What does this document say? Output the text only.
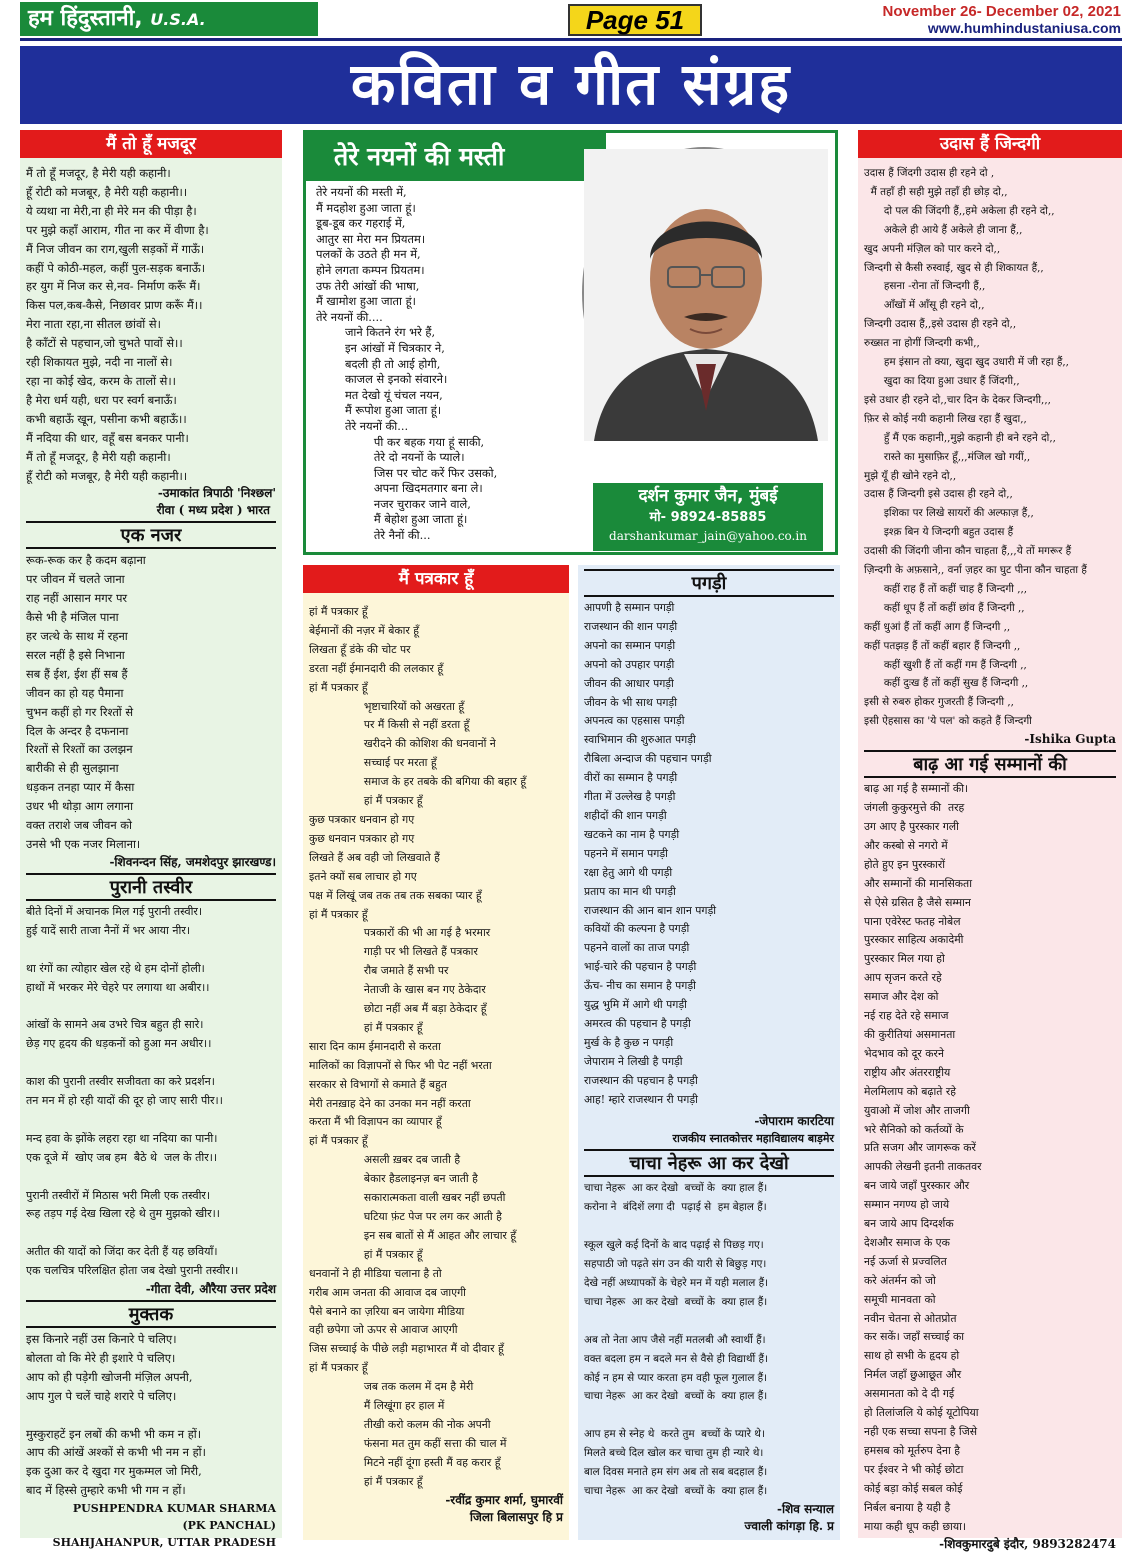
हम हिंदुस्तानी, U.S.A.	Page 51	November 26- December 02, 2021
www.humhindustaniusa.com
कविता व गीत संग्रह
मैं तो हूँ मजदूर
मैं तो हूँ मजदूर, है मेरी यही कहानी।
हूँ रोटी को मजबूर, है मेरी यही कहानी।।
ये व्यथा ना मेरी,ना ही मेरे मन की पीड़ा है।
पर मुझे कहाँ आराम, गीत ना कर में वीणा है।
मैं निज जीवन का राग,खुली सड़कों में गाऊँ।
कहीं पे कोठी-महल, कहीं पुल-सड़क बनाऊँ।
हर युग में निज कर से,नव- निर्माण करूँ मैं।
किस पल,कब-कैसे, निछावर प्राण करूँ मैं।।
मेरा नाता रहा,ना सीतल छांवों से।
है काँटों से पहचान,जो चुभते पावों से।।
रही शिकायत मुझे, नदी ना नालों से।
रहा ना कोई खेद, करम के तालों से।।
है मेरा धर्म यही, धरा पर स्वर्ग बनाऊँ।
कभी बहाऊँ खून, पसीना कभी बहाऊँ।।
मैं नदिया की धार, वहूँ बस बनकर पानी।
मैं तो हूँ मजदूर, है मेरी यही कहानी।
हूँ रोटी को मजबूर, है मेरी यही कहानी।।
-उमाकांत त्रिपाठी 'निश्छल'
रीवा ( मध्य प्रदेश ) भारत
एक नजर
रूक-रूक कर है कदम बढ़ाना
पर जीवन में चलते जाना
राह नहीं आसान मगर पर
कैसे भी है मंजिल पाना
हर जत्थे के साथ में रहना
सरल नहीं है इसे निभाना
सब हैं ईश, ईश हीं सब हैं
जीवन का हो यह पैमाना
चुभन कहीं हो गर रिश्तों से
दिल के अन्दर है दफनाना
रिश्तों से रिश्तों का उलझन
बारीकी से ही सुलझाना
धड़कन तनहा प्यार में कैसा
उधर भी थोड़ा आग लगाना
वक्त तराशे जब जीवन को
उनसे भी एक नजर मिलाना।
-शिवनन्दन सिंह, जमशेदपुर झारखण्ड।
पुरानी तस्वीर
बीते दिनों में अचानक मिल गई पुरानी तस्वीर।
हुई यादें सारी ताजा नैनों में भर आया नीर।

था रंगों का त्योहार खेल रहे थे हम दोनों होली।
हाथों में भरकर मेरे चेहरे पर लगाया था अबीर।।

आंखों के सामने अब उभरे चित्र बहुत ही सारे।
छेड़ गए हृदय की धड़कनों को हुआ मन अधीर।।

काश की पुरानी तस्वीर सजीवता का करे प्रदर्शन।
तन मन में हो रही यादों की दूर हो जाए सारी पीर।।

मन्द हवा के झोंके लहरा रहा था नदिया का पानी।
एक दूजे में  खोए जब हम  बैठे थे  जल के तीर।।

पुरानी तस्वीरों में मिठास भरी मिली एक तस्वीर।
रूह तड़प गई देख खिला रहे थे तुम मुझको खीर।।

अतीत की यादों को जिंदा कर देती हैं यह छवियाँ।
एक चलचित्र परिलक्षित होता जब देखो पुरानी तस्वीर।।
-गीता देवी, औरैया उत्तर प्रदेश
मुक्तक
इस किनारे नहीं उस किनारे पे चलिए।
बोलता वो कि मेरे ही इशारे पे चलिए।
आप को ही पड़ेगी खोजनी मंज़िल अपनी,
आप गुल पे चलें चाहे शरारे पे चलिए।

मुस्कुराहटें इन लबों की कभी भी कम न हों।
आप की आंखें अश्कों से कभी भी नम न हों।
इक दुआ कर दे खुदा गर मुकम्मल जो मिरी,
बाद में हिस्से तुम्हारे कभी भी गम न हों।
PUSHPENDRA KUMAR SHARMA
(PK PANCHAL)
SHAHJAHANPUR, UTTAR PRADESH
तेरे नयनों की मस्ती
तेरे नयनों की मस्ती में,
मैं मदहोश हुआ जाता हूं।
डूब-डूब कर गहराई में,
आतुर सा मेरा मन प्रियतम।
पलकों के उठते ही मन में,
होने लगता कम्पन प्रियतम।
उफ तेरी आंखों की भाषा,
मैं खामोश हुआ जाता हूं।
तेरे नयनों की....
जाने कितने रंग भरे हैं,
इन आंखों में चित्रकार ने,
बदली ही तो आई होगी,
काजल से इनको संवारने।
मत देखो यूं चंचल नयन,
मैं रूपोश हुआ जाता हूं।
तेरे नयनों की...
पी कर बहक गया हूं साकी,
तेरे दो नयनों के प्याले।
जिस पर चोट करें फिर उसको,
अपना खिदमतगार बना ले।
नजर चुराकर जाने वाले,
मैं बेहोश हुआ जाता हूं।
तेरे नैनों की...
दर्शन कुमार जैन, मुंबई
मो- 98924-85885
darshankumar_jain@yahoo.co.in
मैं पत्रकार हूँ
हां मैं पत्रकार हूँ
बेईमानों की नज़र में बेकार हूँ
लिखता हूँ डंके की चोट पर
डरता नहीं ईमानदारी की ललकार हूँ
हां मैं पत्रकार हूँ
भृष्टाचारियों को अखरता हूँ
पर मैं किसी से नहीं डरता हूँ
खरीदने की कोशिश की धनवानों ने
सच्चाई पर मरता हूँ
समाज के हर तबके की बगिया की बहार हूँ
हां मैं पत्रकार हूँ
कुछ पत्रकार धनवान हो गए
कुछ धनवान पत्रकार हो गए
लिखते हैं अब वही जो लिखवाते हैं
इतने क्यों सब लाचार हो गए
पक्ष में लिखूं जब तक तब तक सबका प्यार हूँ
हां मैं पत्रकार हूँ
पत्रकारों की भी आ गई है भरमार
गाड़ी पर भी लिखते हैं पत्रकार
रौब जमाते हैं सभी पर
नेताजी के खास बन गए ठेकेदार
छोटा नहीं अब मैं बड़ा ठेकेदार हूँ
हां मैं पत्रकार हूँ
सारा दिन काम ईमानदारी से करता
मालिकों का विज्ञापनों से फिर भी पेट नहीं भरता
सरकार से विभागों से कमाते हैं बहुत
मेरी तनख़ाह देने का उनका मन नहीं करता
करता मैं भी विज्ञापन का व्यापार हूँ
हां मैं पत्रकार हूँ
असली ख़बर दब जाती है
बेकार हैडलाइनज़ बन जाती है
सकारात्मकता वाली खबर नहीं छपती
घटिया फ़ंट पेज पर लग कर आती है
इन सब बातों से मैं आहत और लाचार हूँ
हां मैं पत्रकार हूँ
धनवानों ने ही मीडिया चलाना है तो
गरीब आम जनता की आवाज दब जाएगी
पैसे बनाने का ज़रिया बन जायेगा मीडिया
वही छपेगा जो ऊपर से आवाज आएगी
जिस सच्चाई के पीछे लड़ी महाभारत मैं वो दीवार हूँ
हां मैं पत्रकार हूँ
जब तक कलम में दम है मेरी
मैं लिखूंगा हर हाल में
तीखी करो कलम की नोक अपनी
फंसना मत तुम कहीं सत्ता की चाल में
मिटने नहीं दूंगा हस्ती मैं वह करार हूँ
हां मैं पत्रकार हूँ
-रवींद्र कुमार शर्मा, घुमारवीं
जिला बिलासपुर हि प्र
पगड़ी
आपणी है सम्मान पगड़ी
राजस्थान की शान पगड़ी
अपनो का सम्मान पगड़ी
अपनो को उपहार पगड़ी
जीवन की आधार पगड़ी
जीवन के भी साथ पगड़ी
अपनत्व का एहसास पगड़ी
स्वाभिमान की शुरुआत पगड़ी
रौबिला अन्दाज की पहचान पगड़ी
वीरों का सम्मान है पगड़ी
गीता में उल्लेख है पगड़ी
शहीदों की शान पगड़ी
खटकने का नाम है पगड़ी
पहनने में समान पगड़ी
रक्षा हेतु आगे थी पगड़ी
प्रताप का मान थी पगड़ी
राजस्थान की आन बान शान पगड़ी
कवियों की कल्पना है पगड़ी
पहनने वालों का ताज पगड़ी
भाई-चारे की पहचान है पगड़ी
ऊँच- नीच का समान है पगड़ी
युद्ध भुमि में आगे थी पगड़ी
अमरत्व की पहचान है पगड़ी
मुर्ख के है कुछ न पगड़ी
जेपाराम ने लिखी है पगड़ी
राजस्थान की पहचान है पगड़ी
आह! म्हारे राजस्थान री पगड़ी
-जेपाराम कारटिया
राजकीय स्नातकोत्तर महाविद्यालय बाड़मेर
चाचा नेहरू आ कर देखो
चाचा नेहरू  आ कर देखो  बच्चों के  क्या हाल हैं।
करोना ने  बंदिशें लगा दी  पढ़ाई से  हम बेहाल हैं।

स्कूल खुले कई दिनों के बाद पढ़ाई से पिछड़ गए।
सहपाठी जो पढ़ते संग उन की यारी से बिछुड़ गए।
देखे नहीं अध्यापकों के चेहरे मन में यही मलाल हैं।
चाचा नेहरू  आ कर देखो  बच्चों के  क्या हाल हैं।

अब तो नेता आप जैसे नहीं मतलबी औ स्वार्थी हैं।
वक्त बदला हम न बदले मन से वैसे ही विद्यार्थी हैं।
कोई न हम से प्यार करता हम वही फूल गुलाल हैं।
चाचा नेहरू  आ कर देखो  बच्चों के  क्या हाल हैं।

आप हम से स्नेह थे  करते तुम  बच्चों के प्यारे थे।
मिलते बच्चे दिल खोल कर चाचा तुम ही न्यारे थे।
बाल दिवस मनाते हम संग अब तो सब बदहाल हैं।
चाचा नेहरू  आ कर देखो  बच्चों के  क्या हाल हैं।
-शिव सन्याल
ज्वाली कांगड़ा हि. प्र
उदास हैं जिन्दगी
उदास हैं जिंदगी उदास ही रहने दो ,
मैं तहाँ ही सही मुझे तहाँ ही छोड़ दो,,
दो पल की जिंदगी हैं,,हमे अकेला ही रहने दो,,
अकेले ही आये हैं अकेले ही जाना हैं,,
खुद अपनी मंज़िल को पार करने दो,,
जिन्दगी से कैसी रुस्वाई, खुद से ही शिकायत हैं,,
हसना -रोना तों जिन्दगी हैं,,
आँखों में आँसू ही रहने दो,,
जिन्दगी उदास हैं,,इसे उदास ही रहने दो,,
रुख्सत ना होगीं जिन्दगी कभी,,
हम इंसान तो क्या, खुदा खुद उधारी में जी रहा हैं,,
खुदा का दिया हुआ उधार हैं जिंदगी,,
इसे उधार ही रहने दो,,चार दिन के देकर जिन्दगी,,,
फ़िर से कोई नयी कहानी लिख रहा हैं खुदा,,
हुँ मैं एक कहानी,,मुझे कहानी ही बने रहने दो,,
रास्ते का मुसाफ़िर हूँ,,,मंजिल खो गयीं,,
मुझे यूँ ही खोने रहने दो,,
उदास हैं जिन्दगी इसे उदास ही रहने दो,,
इशिका पर लिखे सायरों की अल्फाज़ हैं,,
इश्क़ बिन ये जिन्दगी बहुत उदास हैं
उदासी की जिंदगी जीना कौन चाहता हैं,,,ये तों मगरूर हैं
ज़िन्दगी के अफ़साने,, वर्ना ज़हर का घुट पीना कौन चाहता हैं
कहीं राह हैं तों कहीं चाह हैं जिन्दगी ,,,
कहीं धूप हैं तों कहीं छांव हैं जिन्दगी ,,
कहीं धुआं हैं तों कहीं आग हैं जिन्दगी ,,
कहीं पतझड़ हैं तों कहीं बहार हैं जिन्दगी ,,
कहीं खुशी हैं तों कहीं गम हैं जिन्दगी ,,
कहीं दुःख हैं तों कहीं सुख हैं जिन्दगी ,,
इसी से रुबरु होकर गुजरती हैं जिन्दगी ,,
इसी ऐहसास का 'ये पल' को कहते हैं जिन्दगी
-Ishika Gupta
बाढ़ आ गई सम्मानों की
बाढ़ आ गई है सम्मानों की।
जंगली कुकुरमुत्ते की  तरह
उग आए है पुरस्कार गली
और कस्बो से नगरो में
होते हुए इन पुरस्कारों
और सम्मानों की मानसिकता
से ऐसे ग्रसित है जैसे सम्मान
पाना एवेरेस्ट फतह नोबेल
पुरस्कार साहित्य अकादेमी
पुरस्कार मिल गया हो
आप सृजन करते रहे
समाज और देश को
नई राह देते रहे समाज
की कुरीतियां असमानता
भेदभाव को दूर करने
राष्ट्रीय और अंतरराष्ट्रीय
मेलमिलाप को बढ़ाते रहे
युवाओ में जोश और ताजगी
भरे सैनिको को कर्तव्यों के
प्रति सजग और जागरूक करें
आपकी लेखनी इतनी ताकतवर
बन जाये जहाँ पुरस्कार और
सम्मान नगण्य हो जाये
बन जाये आप दिग्दर्शक
देशऔर समाज के एक
नई ऊर्जा से प्रज्वलित
करे अंतर्मन को जो
समूची मानवता को
नवीन चेतना से ओतप्रोत
कर सकें। जहाँ सच्चाई का
साथ हो सभी के हृदय हो
निर्मल जहाँ छुआछूत और
असमानता को दे दी गई
हो तिलांजलि ये कोई यूटोपिया
नही एक सच्चा सपना है जिसे
हमसब को मूर्तरुप देना है
पर ईश्वर ने भी कोई छोटा
कोई बड़ा कोई सबल कोई
निर्बल बनाया है यही है
माया कही धूप कही छाया।
-शिवकुमारदुबे इंदौर, 9893282474
